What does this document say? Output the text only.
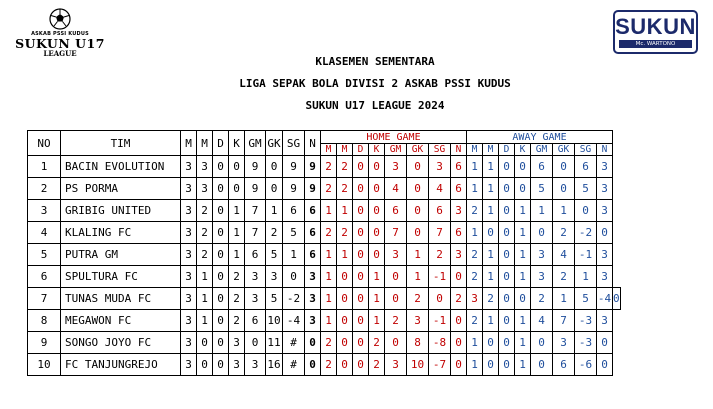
ASKAB PSSI KUDUS
SUKUN U17
LEAGUE
SUKUN
Mc. WARTONO
KLASEMEN SEMENTARA
LIGA SEPAK BOLA DIVISI 2 ASKAB PSSI KUDUS
SUKUN U17 LEAGUE 2024
NO	TIM	M	M	D	K	GM	GK	SG	N	HOME GAME								AWAY GAME								
										M	M	D	K	GM	GK	SG	N	M	M	D	K	GM	GK	SG	N	
1	BACIN EVOLUTION	3	3	0	0	9	0	9	9	2	2	0	0	3	0	3	6	1	1	0	0	6	0	6	3	
2	PS PORMA	3	3	0	0	9	0	9	9	2	2	0	0	4	0	4	6	1	1	0	0	5	0	5	3	
3	GRIBIG UNITED	3	2	0	1	7	1	6	6	1	1	0	0	6	0	6	3	2	1	0	1	1	1	0	3	
4	KLALING FC	3	2	0	1	7	2	5	6	2	2	0	0	7	0	7	6	1	0	0	1	0	2	-2	0	
5	PUTRA GM	3	2	0	1	6	5	1	6	1	1	0	0	3	1	2	3	2	1	0	1	3	4	-1	3	
6	SPULTURA FC	3	1	0	2	3	3	0	3	1	0	0	1	0	1	-1	0	2	1	0	1	3	2	1	3	
7	TUNAS MUDA FC	3	1	0	2	3	5	-2	3	1	0	0	1	0	2	0	2	3	2	0	0	2	1	5	-4	0
8	MEGAWON FC	3	1	0	2	6	10	-4	3	1	0	0	1	2	3	-1	0	2	1	0	1	4	7	-3	3	
9	SONGO JOYO FC	3	0	0	3	0	11	#	0	2	0	0	2	0	8	-8	0	1	0	0	1	0	3	-3	0	
10	FC TANJUNGREJO	3	0	0	3	3	16	#	0	2	0	0	2	3	10	-7	0	1	0	0	1	0	6	-6	0	
